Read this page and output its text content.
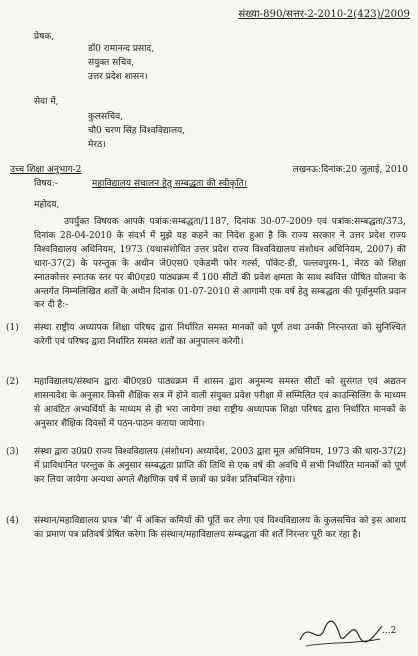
संख्या-890/सत्तर-2-2010-2(423)/2009
प्रेषक,
डॉ0 रामानन्द प्रसाद,
संयुक्त सचिव,
उत्तर प्रदेश शासन।
सेवा में,
कुलसचिव,
चौ0 चरण सिंह विश्वविद्यालय,
मेरठ।
उच्च शिक्षा अनुभाग-2	लखनऊ:दिनांक:20 जुलाई, 2010
विषय:-	महाविद्यालय संचालन हेतु सम्बद्धता की स्वीकृति।
महोदय,
उपर्युक्त विषयक आपके पत्रांक:सम्बद्धता/1187, दिनांक 30-07-2009 एवं पत्रांक:सम्बद्धता/373, दिनांक 28-04-2010 के संदर्भ में मुझे यह कहने का निदेश हुआ है कि राज्य सरकार ने उत्तर प्रदेश राज्य विश्वविद्यालय अधिनियम, 1973 (यथासंशोधित उत्तर प्रदेश राज्य विश्वविद्यालय संशोधन अधिनियम, 2007) की धारा-37(2) के परन्तुक के अधीन जे0एस0 एकेडमी फोर गर्ल्स, पॉकेट-डी, पल्लवपुरम-1, मेरठ को शिक्षा स्नातकोत्तर स्नातक स्तर पर बी0एड0 पाठ्यक्रम में 100 सीटों की प्रवेश क्षमता के साथ स्ववित्त पोषित योजना के अन्तर्गत निम्नलिखित शर्तों के अधीन दिनांक 01-07-2010 से आगामी एक वर्ष हेतु सम्बद्धता की पूर्वानुमति प्रदान कर दी है:-
(1)	संस्था राष्ट्रीय अध्यापक शिक्षा परिषद द्वारा निर्धारित समस्त मानकों को पूर्ण तथा उनकी निरन्तरता को सुनिश्चित करेगी एवं परिषद द्वारा निर्धारित समस्त शर्तों का अनुपालन करेगी।
(2)	महाविद्यालय/संस्थान द्वारा बी0एड0 पाठ्यक्रम में शासन द्वारा अनुमन्य समस्त सीटों को सुसंगत एवं अद्यतन शासनादेश के अनुसार किसी शैक्षिक सत्र में होने वाली संयुक्त प्रवेश परीक्षा में सम्मिलित एवं काउन्सिलिंग के माध्यम से आवंटित अभ्यर्थियों के माध्यम से ही भरा जायेगा तथा राष्ट्रीय अध्यापक शिक्षा परिषद द्वारा निर्धारित मानकों के अनुसार शैक्षिक दिवसों में पठन-पाठन कराया जायेगा।
(3)	संस्था द्वारा उ0प्र0 राज्य विश्वविद्यालय (संशोधन) अध्यादेश, 2003 द्वारा मूल अधिनियम, 1973 की धारा-37(2) में प्राविधानित परन्तुक के अनुसार सम्बद्धता प्राप्ति की तिथि से एक वर्ष की अवधि में सभी निर्धारित मानकों को पूर्ण कर लिया जायेगा अन्यथा अगले शैक्षणिक वर्ष में छात्रों का प्रवेश प्रतिबन्धित रहेगा।
(4)	संस्थान/महाविद्यालय प्रपत्र 'बी' में अंकित कमियों की पूर्ति कर लेगा एवं विश्वविद्यालय के कुलसचिव को इस आशय का प्रमाण पत्र प्रतिवर्ष प्रेषित करेगा कि संस्थान/महाविद्यालय सम्बद्धता की शर्तें निरन्तर पूरी कर रहा है।
...2
